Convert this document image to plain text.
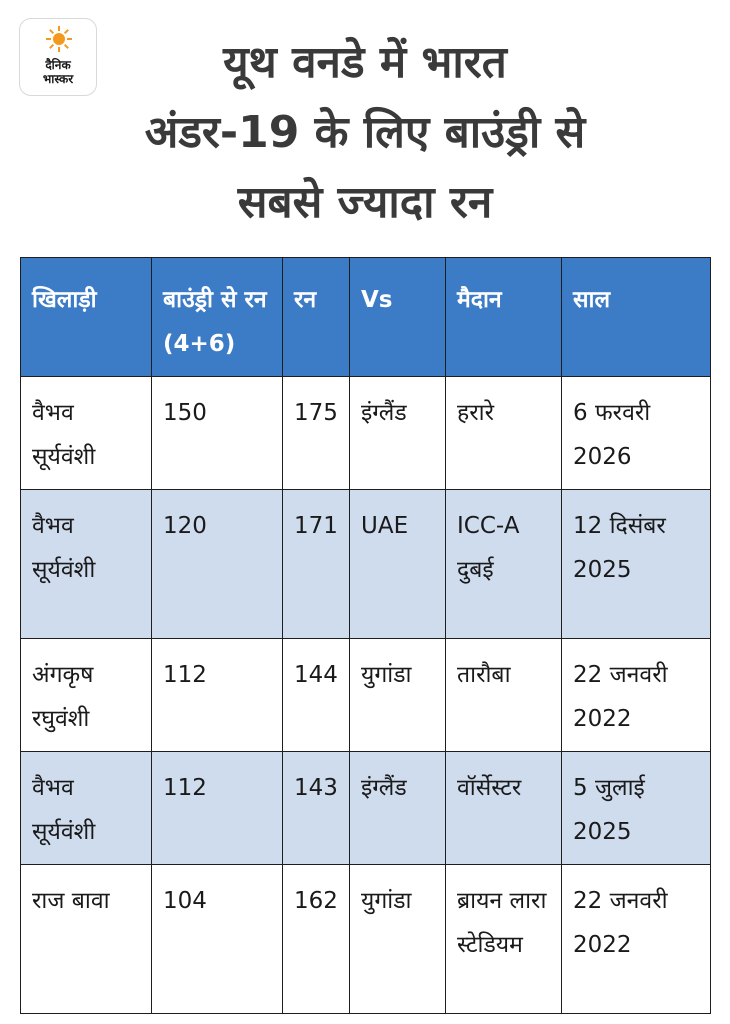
दैनिक
भास्कर	यूथ वनडे में भारत
अंडर-19 के लिए बाउंड्री से
सबसे ज्यादा रन
खिलाड़ी	बाउंड्री से रन (4+6)	रन	Vs	मैदान	साल
वैभव सूर्यवंशी	150	175	इंग्लैंड	हरारे	6 फरवरी 2026
वैभव सूर्यवंशी	120	171	UAE	ICC-A दुबई	12 दिसंबर 2025
अंगकृष रघुवंशी	112	144	युगांडा	तारौबा	22 जनवरी 2022
वैभव सूर्यवंशी	112	143	इंग्लैंड	वॉर्सेस्टर	5 जुलाई 2025
राज बावा	104	162	युगांडा	ब्रायन लारा स्टेडियम	22 जनवरी 2022
